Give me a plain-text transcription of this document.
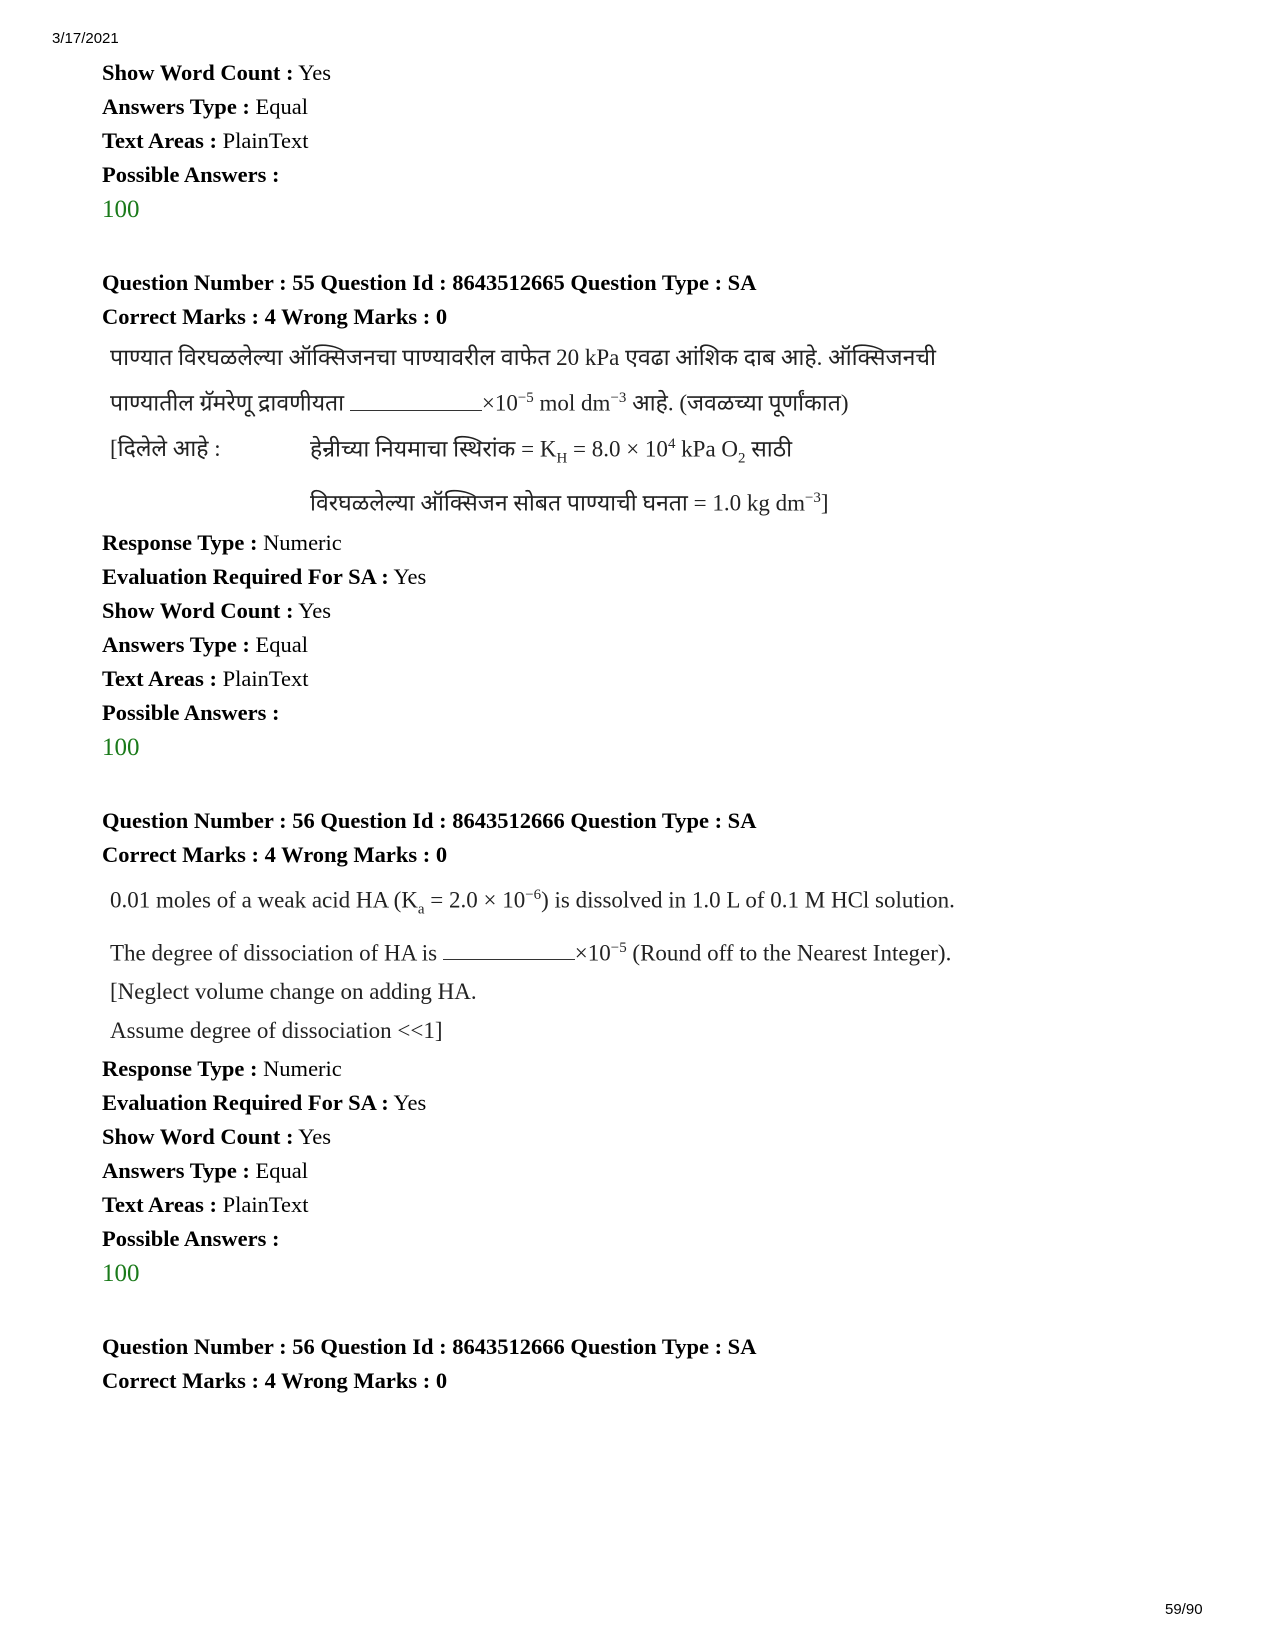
3/17/2021
Show Word Count : Yes
Answers Type : Equal
Text Areas : PlainText
Possible Answers :
100
Question Number : 55 Question Id : 8643512665 Question Type : SA
Correct Marks : 4 Wrong Marks : 0
पाण्यात विरघळलेल्या ऑक्सिजनचा पाण्यावरील वाफेत 20 kPa एवढा आंशिक दाब आहे. ऑक्सिजनची
पाण्यातील ग्रॅमरेणू द्रावणीयता	$\times 10^{-5}$ mol $dm^{-3}$ आहे. (जवळच्या पूर्णांकात)
[दिलेले आहे :	हेन्रीच्या नियमाचा स्थिरांक = $K_H = 8.0 \times 10^4$ kPa $O_2$ साठी
विरघळलेल्या ऑक्सिजन सोबत पाण्याची घनता = 1.0 kg $dm^{-3}$]
Response Type : Numeric
Evaluation Required For SA : Yes
Show Word Count : Yes
Answers Type : Equal
Text Areas : PlainText
Possible Answers :
100
Question Number : 56 Question Id : 8643512666 Question Type : SA
Correct Marks : 4 Wrong Marks : 0
0.01 moles of a weak acid HA $(K_a = 2.0 \times 10^{-6})$ is dissolved in 1.0 L of 0.1 M HCl solution.
The degree of dissociation of HA is	$\times 10^{-5}$ (Round off to the Nearest Integer).
[Neglect volume change on adding HA.
Assume degree of dissociation <<1]
Response Type : Numeric
Evaluation Required For SA : Yes
Show Word Count : Yes
Answers Type : Equal
Text Areas : PlainText
Possible Answers :
100
Question Number : 56 Question Id : 8643512666 Question Type : SA
Correct Marks : 4 Wrong Marks : 0
59/90
